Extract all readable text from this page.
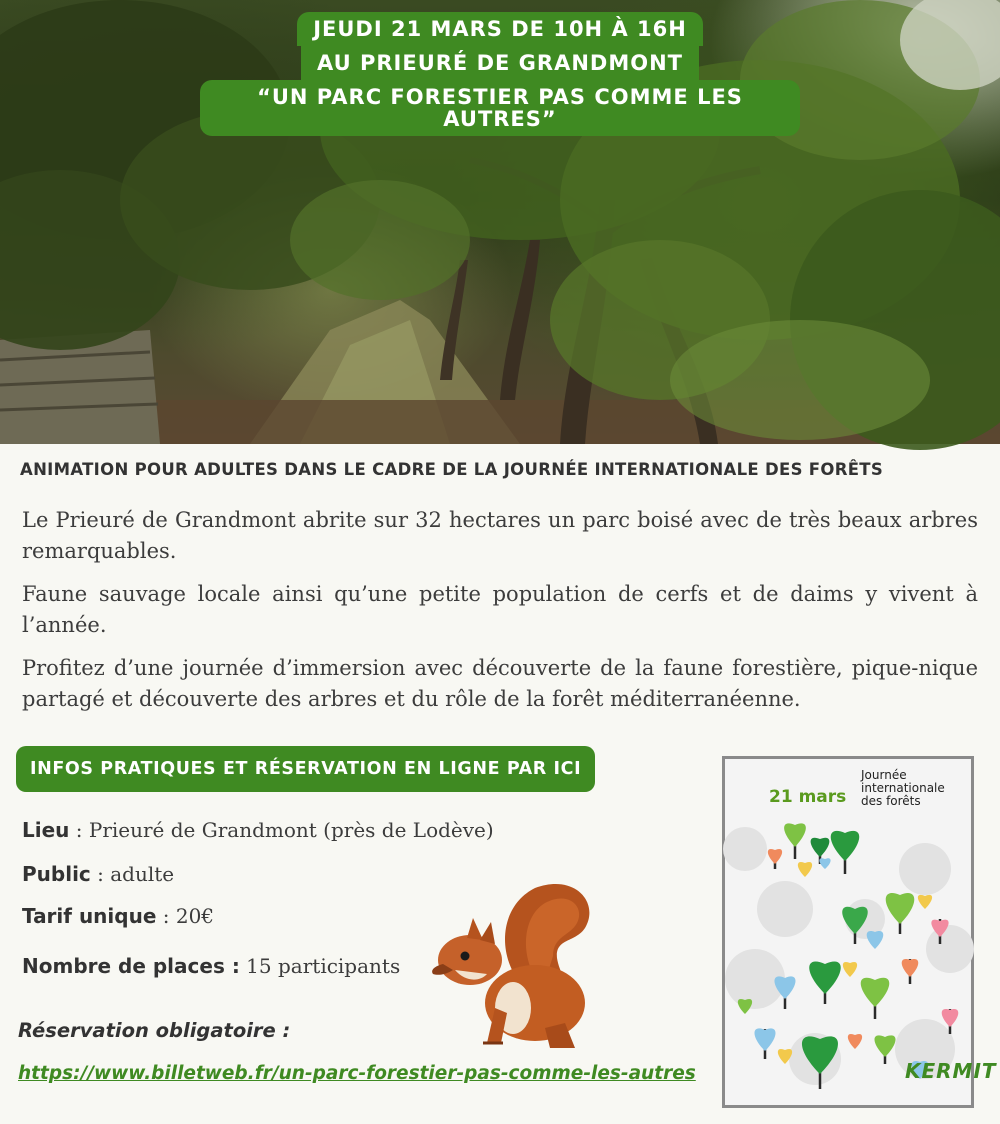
JEUDI 21 MARS DE 10H À 16H
AU PRIEURÉ DE GRANDMONT
“UN PARC FORESTIER PAS COMME LES AUTRES”
ANIMATION POUR ADULTES DANS LE CADRE DE LA JOURNÉE INTERNATIONALE DES FORÊTS

Le Prieuré de Grandmont abrite sur 32 hectares un parc boisé avec de très beaux arbres remarquables.

Faune sauvage locale ainsi qu’une petite population de cerfs et de daims y vivent à l’année.

Profitez d’une journée d’immersion avec découverte de la faune forestière, pique-nique partagé et découverte des arbres et du rôle de la forêt méditerranéenne.

INFOS PRATIQUES ET RÉSERVATION EN LIGNE PAR ICI

Lieu : Prieuré de Grandmont (près de Lodève)

Public : adulte

Tarif unique : 20€

Nombre de places : 15 participants

Réservation obligatoire :
https://www.billetweb.fr/un-parc-forestier-pas-comme-les-autres
21 mars
Journée
internationale
des forêts
KERMIT
